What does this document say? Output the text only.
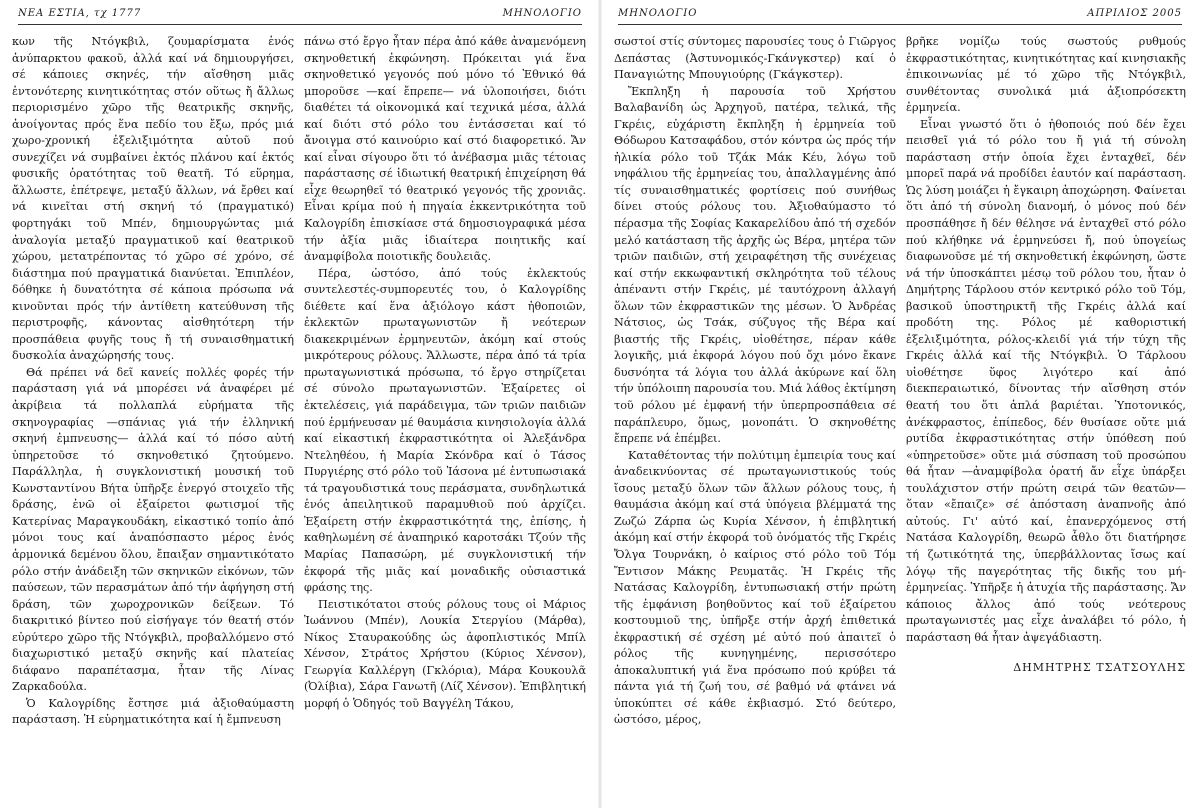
ΝΕΑ ΕΣΤΙΑ, τχ 1777	ΜΗΝΟΛΟΓΙΟ

κων τῆς Ντόγκβιλ, ζουμαρίσματα ἑνός ἀνύπαρκτου φακοῦ, ἀλλά καί νά δημιουργήσει, σέ κάποιες σκηνές, τήν αἴσθηση μιᾶς ἐντονότερης κινητικότητας στόν οὕτως ἤ ἄλλως περιορισμένο χῶρο τῆς θεατρικῆς σκηνῆς, ἀνοίγοντας πρός ἕνα πεδίο του ἔξω, πρός μιά χωρο-χρονική ἐξελιξιμότητα αὐτοῦ πού συνεχίζει νά συμβαίνει ἐκτός πλάνου καί ἐκτός φυσικῆς ὁρατότητας τοῦ θεατῆ. Τό εὕρημα, ἄλλωστε, ἐπέτρεψε, μεταξύ ἄλλων, νά ἔρθει καί νά κινεῖται στή σκηνή τό (πραγματικό) φορτηγάκι τοῦ Μπέν, δημιουργώντας μιά ἀναλογία μεταξύ πραγματικοῦ καί θεατρικοῦ χώρου, μετατρέποντας τό χῶρο σέ χρόνο, σέ διάστημα πού πραγματικά διανύεται. Ἐπιπλέον, δόθηκε ἡ δυνατότητα σέ κάποια πρόσωπα νά κινοῦνται πρός τήν ἀντίθετη κατεύθυνση τῆς περιστροφῆς, κάνοντας αἰσθητότερη τήν προσπάθεια φυγῆς τους ἤ τή συναισθηματική δυσκολία ἀναχώρησής τους.

Θά πρέπει νά δεῖ κανείς πολλές φορές τήν παράσταση γιά νά μπορέσει νά ἀναφέρει μέ ἀκρίβεια τά πολλαπλά εὑρήματα τῆς σκηνογραφίας —σπάνιας γιά τήν ἑλληνική σκηνή ἐμπνευσης— ἀλλά καί τό πόσο αὐτή ὑπηρετοῦσε τό σκηνοθετικό ζητούμενο. Παράλληλα, ἡ συγκλονιστική μουσική τοῦ Κωνσταντίνου Βήτα ὑπῆρξε ἐνεργό στοιχεῖο τῆς δράσης, ἐνῶ οἱ ἐξαίρετοι φωτισμοί τῆς Κατερίνας Μαραγκουδάκη, εἰκαστικό τοπίο ἀπό μόνοι τους καί ἀναπόσπαστο μέρος ἑνός ἁρμονικά δεμένου ὅλου, ἔπαιξαν σημαντικότατο ρόλο στήν ἀνάδειξη τῶν σκηνικῶν εἰκόνων, τῶν παύσεων, τῶν περασμάτων ἀπό τήν ἀφήγηση στή δράση, τῶν χωροχρονικῶν δείξεων. Τό διακριτικό βίντεο πού εἰσήγαγε τόν θεατή στόν εὐρύτερο χῶρο τῆς Ντόγκβιλ, προβαλλόμενο στό διαχωριστικό μεταξύ σκηνῆς καί πλατείας διάφανο παραπέτασμα, ἦταν τῆς Λίνας Ζαρκαδούλα.

Ὁ Καλογρίδης ἔστησε μιά ἀξιοθαύμαστη παράσταση. Ἡ εὑρηματικότητα καί ἡ ἔμπνευση

πάνω στό ἔργο ἦταν πέρα ἀπό κάθε ἀναμενόμενη σκηνοθετική ἐκφώνηση. Πρόκειται γιά ἕνα σκηνοθετικό γεγονός πού μόνο τό Ἐθνικό θά μποροῦσε —καί ἔπρεπε— νά ὑλοποιήσει, διότι διαθέτει τά οἰκονομικά καί τεχνικά μέσα, ἀλλά καί διότι στό ρόλο του ἐντάσσεται καί τό ἄνοιγμα στό καινούριο καί στό διαφορετικό. Ἄν καί εἶναι σίγουρο ὅτι τό ἀνέβασμα μιᾶς τέτοιας παράστασης σέ ἰδιωτική θεατρική ἐπιχείρηση θά εἶχε θεωρηθεῖ τό θεατρικό γεγονός τῆς χρονιᾶς. Εἶναι κρίμα πού ἡ πηγαία ἐκκεντρικότητα τοῦ Καλογρίδη ἐπισκίασε στά δημοσιογραφικά μέσα τήν ἀξία μιᾶς ἰδιαίτερα ποιητικῆς καί ἀναμφίβολα ποιοτικῆς δουλειᾶς.

Πέρα, ὡστόσο, ἀπό τούς ἐκλεκτούς συντελεστές-συμπορευτές του, ὁ Καλογρίδης διέθετε καί ἕνα ἀξιόλογο κάστ ἠθοποιῶν, ἐκλεκτῶν πρωταγωνιστῶν ἤ νεότερων διακεκριμένων ἑρμηνευτῶν, ἀκόμη καί στούς μικρότερους ρόλους. Ἄλλωστε, πέρα ἀπό τά τρία πρωταγωνιστικά πρόσωπα, τό ἔργο στηρίζεται σέ σύνολο πρωταγωνιστῶν. Ἐξαίρετες οἱ ἐκτελέσεις, γιά παράδειγμα, τῶν τριῶν παιδιῶν πού ἑρμήνευσαν μέ θαυμάσια κινησιολογία ἀλλά καί εἰκαστική ἐκφραστικότητα οἱ Ἀλεξάνδρα Ντεληθέου, ἡ Μαρία Σκόνδρα καί ὁ Τάσος Πυργιέρης στό ρόλο τοῦ Ἰάσονα μέ ἐντυπωσιακά τά τραγουδιστικά τους περάσματα, συνδηλωτικά ἑνός ἀπειλητικοῦ παραμυθιοῦ πού ἀρχίζει. Ἐξαίρετη στήν ἐκφραστικότητά της, ἐπίσης, ἡ καθηλωμένη σέ ἀναπηρικό καροτσάκι Τζούν τῆς Μαρίας Παπασώρη, μέ συγκλονιστική τήν ἐκφορά τῆς μιᾶς καί μοναδικῆς οὐσιαστικά φράσης της.

Πειστικότατοι στούς ρόλους τους οἱ Μάριος Ἰωάννου (Μπέν), Λουκία Στεργίου (Μάρθα), Νίκος Σταυρακούδης ὡς ἀφοπλιστικός Μπίλ Χένσον, Στράτος Χρήστου (Κύριος Χένσον), Γεωργία Καλλέργη (Γκλόρια), Μάρα Κουκουλᾶ (Ὀλίβια), Σάρα Γανωτῆ (Λίζ Χένσον). Ἐπιβλητική μορφή ὁ Ὁδηγός τοῦ Βαγγέλη Τάκου,

ΜΗΝΟΛΟΓΙΟ	ΑΠΡΙΛΙΟΣ 2005

σωστοί στίς σύντομες παρουσίες τους ὁ Γιῶργος Δεπάστας (Ἀστυνομικός-Γκάνγκστερ) καί ὁ Παναγιώτης Μπουγιούρης (Γκάγκστερ).

Ἔκπληξη ἡ παρουσία τοῦ Χρήστου Βαλαβανίδη ὡς Ἀρχηγοῦ, πατέρα, τελικά, τῆς Γκρέις, εὐχάριστη ἔκπληξη ἡ ἑρμηνεία τοῦ Θόδωρου Κατσαφάδου, στόν κόντρα ὡς πρός τήν ἡλικία ρόλο τοῦ Τζάκ Μάκ Κέυ, λόγω τοῦ νηφάλιου τῆς ἑρμηνείας του, ἀπαλλαγμένης ἀπό τίς συναισθηματικές φορτίσεις πού συνήθως δίνει στούς ρόλους του. Ἀξιοθαύμαστο τό πέρασμα τῆς Σοφίας Κακαρελίδου ἀπό τή σχεδόν μελό κατάσταση τῆς ἀρχῆς ὡς Βέρα, μητέρα τῶν τριῶν παιδιῶν, στή χειραφέτηση τῆς συνέχειας καί στήν εκκωφαντική σκληρότητα τοῦ τέλους ἀπέναντι στήν Γκρέις, μέ ταυτόχρονη ἀλλαγή ὅλων τῶν ἐκφραστικῶν της μέσων. Ὁ Ἀνδρέας Νάτσιος, ὡς Τσάκ, σύζυγος τῆς Βέρα καί βιαστής τῆς Γκρέις, υἱοθέτησε, πέραν κάθε λογικῆς, μιά ἐκφορά λόγου πού ὄχι μόνο ἔκανε δυσνόητα τά λόγια του ἀλλά ἀκύρωνε καί ὅλη τήν ὑπόλοιπη παρουσία του. Μιά λάθος ἐκτίμηση τοῦ ρόλου μέ ἐμφανή τήν ὑπερπροσπάθεια σέ παράπλευρο, ὅμως, μονοπάτι. Ὁ σκηνοθέτης ἔπρεπε νά ἐπέμβει.

Καταθέτοντας τήν πολύτιμη ἐμπειρία τους καί ἀναδεικνύοντας σέ πρωταγωνιστικούς τούς ἴσους μεταξύ ὅλων τῶν ἄλλων ρόλους τους, ἡ θαυμάσια ἀκόμη καί στά ὑπόγεια βλέμματά της Ζωζώ Ζάρπα ὡς Κυρία Χένσον, ἡ ἐπιβλητική ἀκόμη καί στήν ἐκφορά τοῦ ὀνόματός τῆς Γκρέις Ὄλγα Τουρνάκη, ὁ καίριος στό ρόλο τοῦ Τόμ Ἔντισον Μάκης Ρευματᾶς. Ἡ Γκρέις τῆς Νατάσας Καλογρίδη, ἐντυπωσιακή στήν πρώτη τῆς ἐμφάνιση βοηθοῦντος καί τοῦ ἐξαίρετου κοστουμιοῦ της, ὑπῆρξε στήν ἀρχή ἐπιθετικά ἐκφραστική σέ σχέση μέ αὐτό πού ἀπαιτεῖ ὁ ρόλος τῆς κυνηγημένης, περισσότερο ἀποκαλυπτική γιά ἕνα πρόσωπο πού κρύβει τά πάντα γιά τή ζωή του, σέ βαθμό νά φτάνει νά ὑποκύπτει σέ κάθε ἐκβιασμό. Στό δεύτερο, ὡστόσο, μέρος,

βρῆκε νομίζω τούς σωστούς ρυθμούς ἐκφραστικότητας, κινητικότητας καί κινησιακῆς ἐπικοινωνίας μέ τό χῶρο τῆς Ντόγκβιλ, συνθέτοντας συνολικά μιά ἀξιοπρόσεκτη ἑρμηνεία.

Εἶναι γνωστό ὅτι ὁ ἠθοποιός πού δέν ἔχει πεισθεῖ γιά τό ρόλο του ἤ γιά τή σύνολη παράσταση στήν ὁποία ἔχει ἐνταχθεῖ, δέν μπορεῖ παρά νά προδίδει ἑαυτόν καί παράσταση. Ὡς λύση μοιάζει ἡ ἔγκαιρη ἀποχώρηση. Φαίνεται ὅτι ἀπό τή σύνολη διανομή, ὁ μόνος πού δέν προσπάθησε ἤ δέν θέλησε νά ἐνταχθεῖ στό ρόλο πού κλήθηκε νά ἑρμηνεύσει ἤ, πού ὑπογείως διαφωνοῦσε μέ τή σκηνοθετική ἐκφώνηση, ὥστε νά τήν ὑποσκάπτει μέσῳ τοῦ ρόλου του, ἦταν ὁ Δημήτρης Τάρλοου στόν κεντρικό ρόλο τοῦ Τόμ, βασικοῦ ὑποστηρικτῆ τῆς Γκρέις ἀλλά καί προδότη της. Ρόλος μέ καθοριστική ἐξελιξιμότητα, ρόλος-κλειδί γιά τήν τύχη τῆς Γκρέις ἀλλά καί τῆς Ντόγκβιλ. Ὁ Τάρλοου υἱοθέτησε ὕφος λιγότερο καί ἀπό διεκπεραιωτικό, δίνοντας τήν αἴσθηση στόν θεατή του ὅτι ἁπλά βαριέται. Ὑποτονικός, ἀνέκφραστος, ἐπίπεδος, δέν θυσίασε οὔτε μιά ρυτίδα ἐκφραστικότητας στήν ὑπόθεση πού «ὑπηρετοῦσε» οὔτε μιά σύσπαση τοῦ προσώπου θά ἦταν —ἀναμφίβολα ὁρατή ἄν εἶχε ὑπάρξει τουλάχιστον στήν πρώτη σειρά τῶν θεατῶν— ὅταν «ἔπαιζε» σέ ἀπόσταση ἀναπνοῆς ἀπό αὐτούς. Γι' αὐτό καί, ἐπανερχόμενος στή Νατάσα Καλογρίδη, θεωρῶ ἆθλο ὅτι διατήρησε τή ζωτικότητά της, ὑπερβάλλοντας ἴσως καί λόγῳ τῆς παγερότητας τῆς δικῆς του μή-ἑρμηνείας. Ὑπῆρξε ἡ ἀτυχία τῆς παράστασης. Ἄν κάποιος ἄλλος ἀπό τούς νεότερους πρωταγωνιστές μας εἶχε ἀναλάβει τό ρόλο, ἡ παράσταση θά ἦταν ἀψεγάδιαστη.

ΔΗΜΗΤΡΗΣ ΤΣΑΤΣΟΥΛΗΣ
